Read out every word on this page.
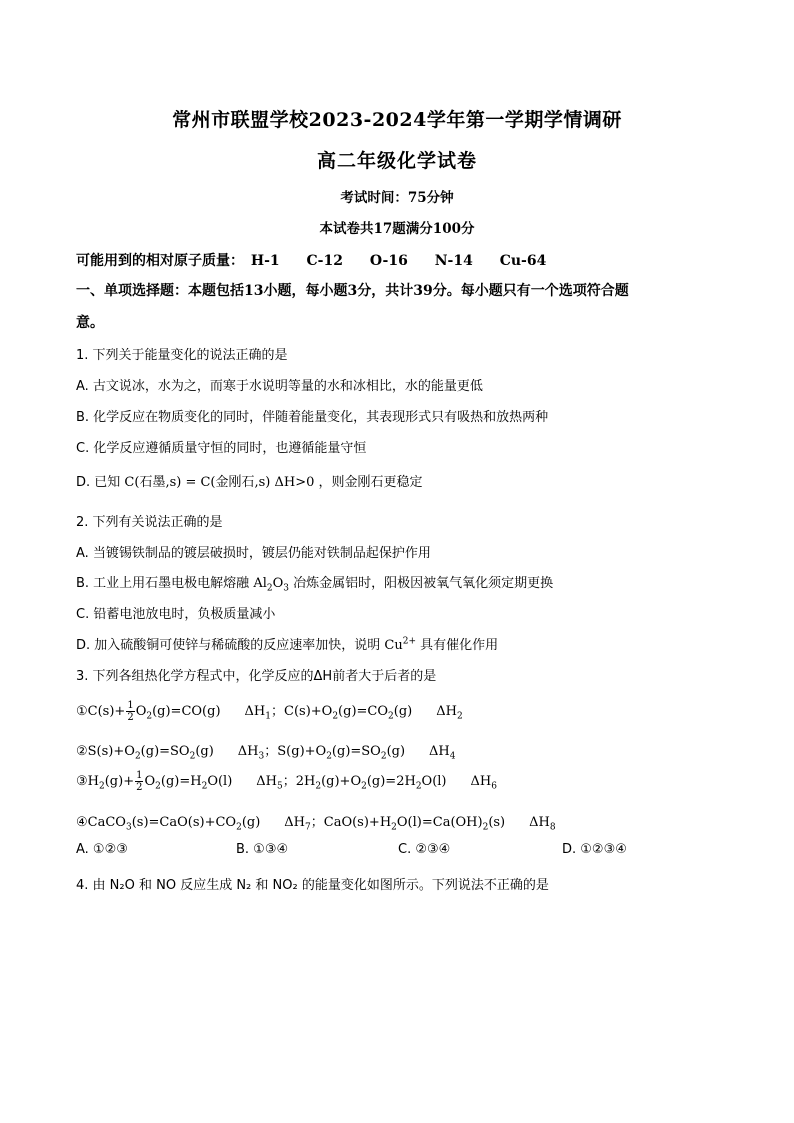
常州市联盟学校2023-2024学年第一学期学情调研
高二年级化学试卷
考试时间：75分钟
本试卷共17题满分100分
可能用到的相对原子质量： H-1 C-12 O-16 N-14 Cu-64
一、单项选择题：本题包括13小题，每小题3分，共计39分。每小题只有一个选项符合题
意。
1. 下列关于能量变化的说法正确的是
A. 古文说冰，水为之，而寒于水说明等量的水和冰相比，水的能量更低
B. 化学反应在物质变化的同时，伴随着能量变化，其表现形式只有吸热和放热两种
C. 化学反应遵循质量守恒的同时，也遵循能量守恒
D. 已知 C(石墨,s) = C(金刚石,s) ΔH>0 ，则金刚石更稳定
2. 下列有关说法正确的是
A. 当镀锡铁制品的镀层破损时，镀层仍能对铁制品起保护作用
B. 工业上用石墨电极电解熔融 $Al_2O_3$ 冶炼金属铝时，阳极因被氧气氧化须定期更换
C. 铅蓄电池放电时，负极质量减小
D. 加入硫酸铜可使锌与稀硫酸的反应速率加快，说明 $Cu^{2+}$ 具有催化作用
3. 下列各组热化学方程式中，化学反应的ΔH前者大于后者的是
①C(s)+ $\frac{1}{2} O_2(g)=CO(g)$ $\Delta H_1$；$C(s)+O_2(g)=CO_2(g)$ $\Delta H_2$
$②S(s)+O_2(g)=SO_2(g)$ $\Delta H_3$；$S(g)+O_2(g)=SO_2(g)$ $\Delta H_4$
$③H_2(g)+ \frac{1}{2} O_2(g)=H_2O(l)$ $\Delta H_5$；$2H_2(g)+O_2(g)=2H_2O(l)$ $\Delta H_6$
$④CaCO_3(s)=CaO(s)+CO_2(g)$ $\Delta H_7$；$CaO(s)+H_2O(l)=Ca(OH)_2(s)$ $\Delta H_8$
A. ①②③	B. ①③④	C. ②③④	D. ①②③④
4. 由 N₂O 和 NO 反应生成 N₂ 和 NO₂ 的能量变化如图所示。下列说法不正确的是
